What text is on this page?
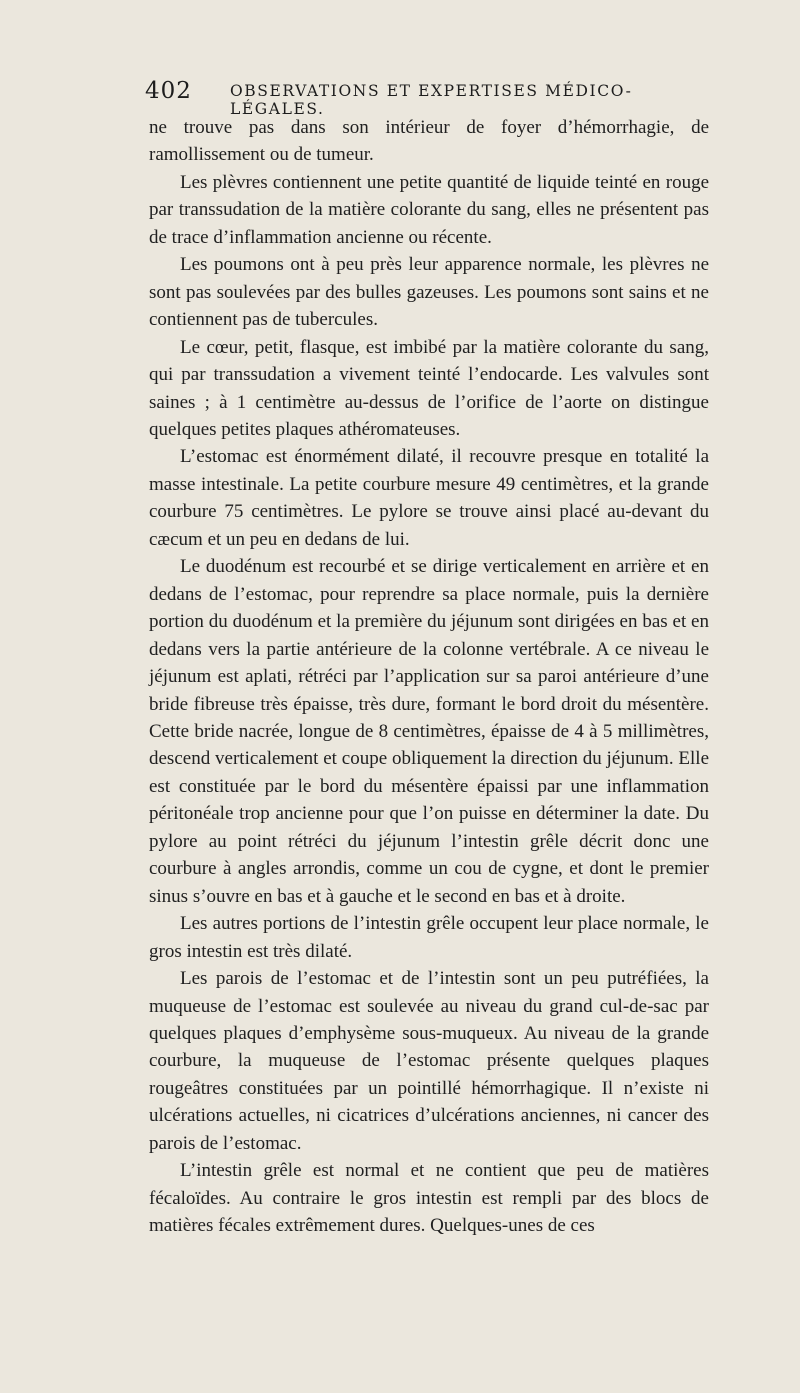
402 OBSERVATIONS ET EXPERTISES MÉDICO-LÉGALES.

ne trouve pas dans son intérieur de foyer d’hémorrhagie, de ramollissement ou de tumeur.

Les plèvres contiennent une petite quantité de liquide teinté en rouge par transsudation de la matière colorante du sang, elles ne présentent pas de trace d’inflammation ancienne ou récente.

Les poumons ont à peu près leur apparence normale, les plèvres ne sont pas soulevées par des bulles gazeuses. Les poumons sont sains et ne contiennent pas de tubercules.

Le cœur, petit, flasque, est imbibé par la matière colorante du sang, qui par transsudation a vivement teinté l’endocarde. Les valvules sont saines ; à 1 centimètre au-dessus de l’orifice de l’aorte on distingue quelques petites plaques athéromateuses.

L’estomac est énormément dilaté, il recouvre presque en totalité la masse intestinale. La petite courbure mesure 49 centimètres, et la grande courbure 75 centimètres. Le pylore se trouve ainsi placé au-devant du cæcum et un peu en dedans de lui.

Le duodénum est recourbé et se dirige verticalement en arrière et en dedans de l’estomac, pour reprendre sa place normale, puis la dernière portion du duodénum et la première du jéjunum sont dirigées en bas et en dedans vers la partie antérieure de la colonne vertébrale. A ce niveau le jéjunum est aplati, rétréci par l’application sur sa paroi antérieure d’une bride fibreuse très épaisse, très dure, formant le bord droit du mésentère. Cette bride nacrée, longue de 8 centimètres, épaisse de 4 à 5 millimètres, descend verticalement et coupe obliquement la direction du jéjunum. Elle est constituée par le bord du mésentère épaissi par une inflammation péritonéale trop ancienne pour que l’on puisse en déterminer la date. Du pylore au point rétréci du jéjunum l’intestin grêle décrit donc une courbure à angles arrondis, comme un cou de cygne, et dont le premier sinus s’ouvre en bas et à gauche et le second en bas et à droite.

Les autres portions de l’intestin grêle occupent leur place normale, le gros intestin est très dilaté.

Les parois de l’estomac et de l’intestin sont un peu putréfiées, la muqueuse de l’estomac est soulevée au niveau du grand cul-de-sac par quelques plaques d’emphysème sous-muqueux. Au niveau de la grande courbure, la muqueuse de l’estomac présente quelques plaques rougeâtres constituées par un pointillé hémorrhagique. Il n’existe ni ulcérations actuelles, ni cicatrices d’ulcérations anciennes, ni cancer des parois de l’estomac.

L’intestin grêle est normal et ne contient que peu de matières fécaloïdes. Au contraire le gros intestin est rempli par des blocs de matières fécales extrêmement dures. Quelques-unes de ces
